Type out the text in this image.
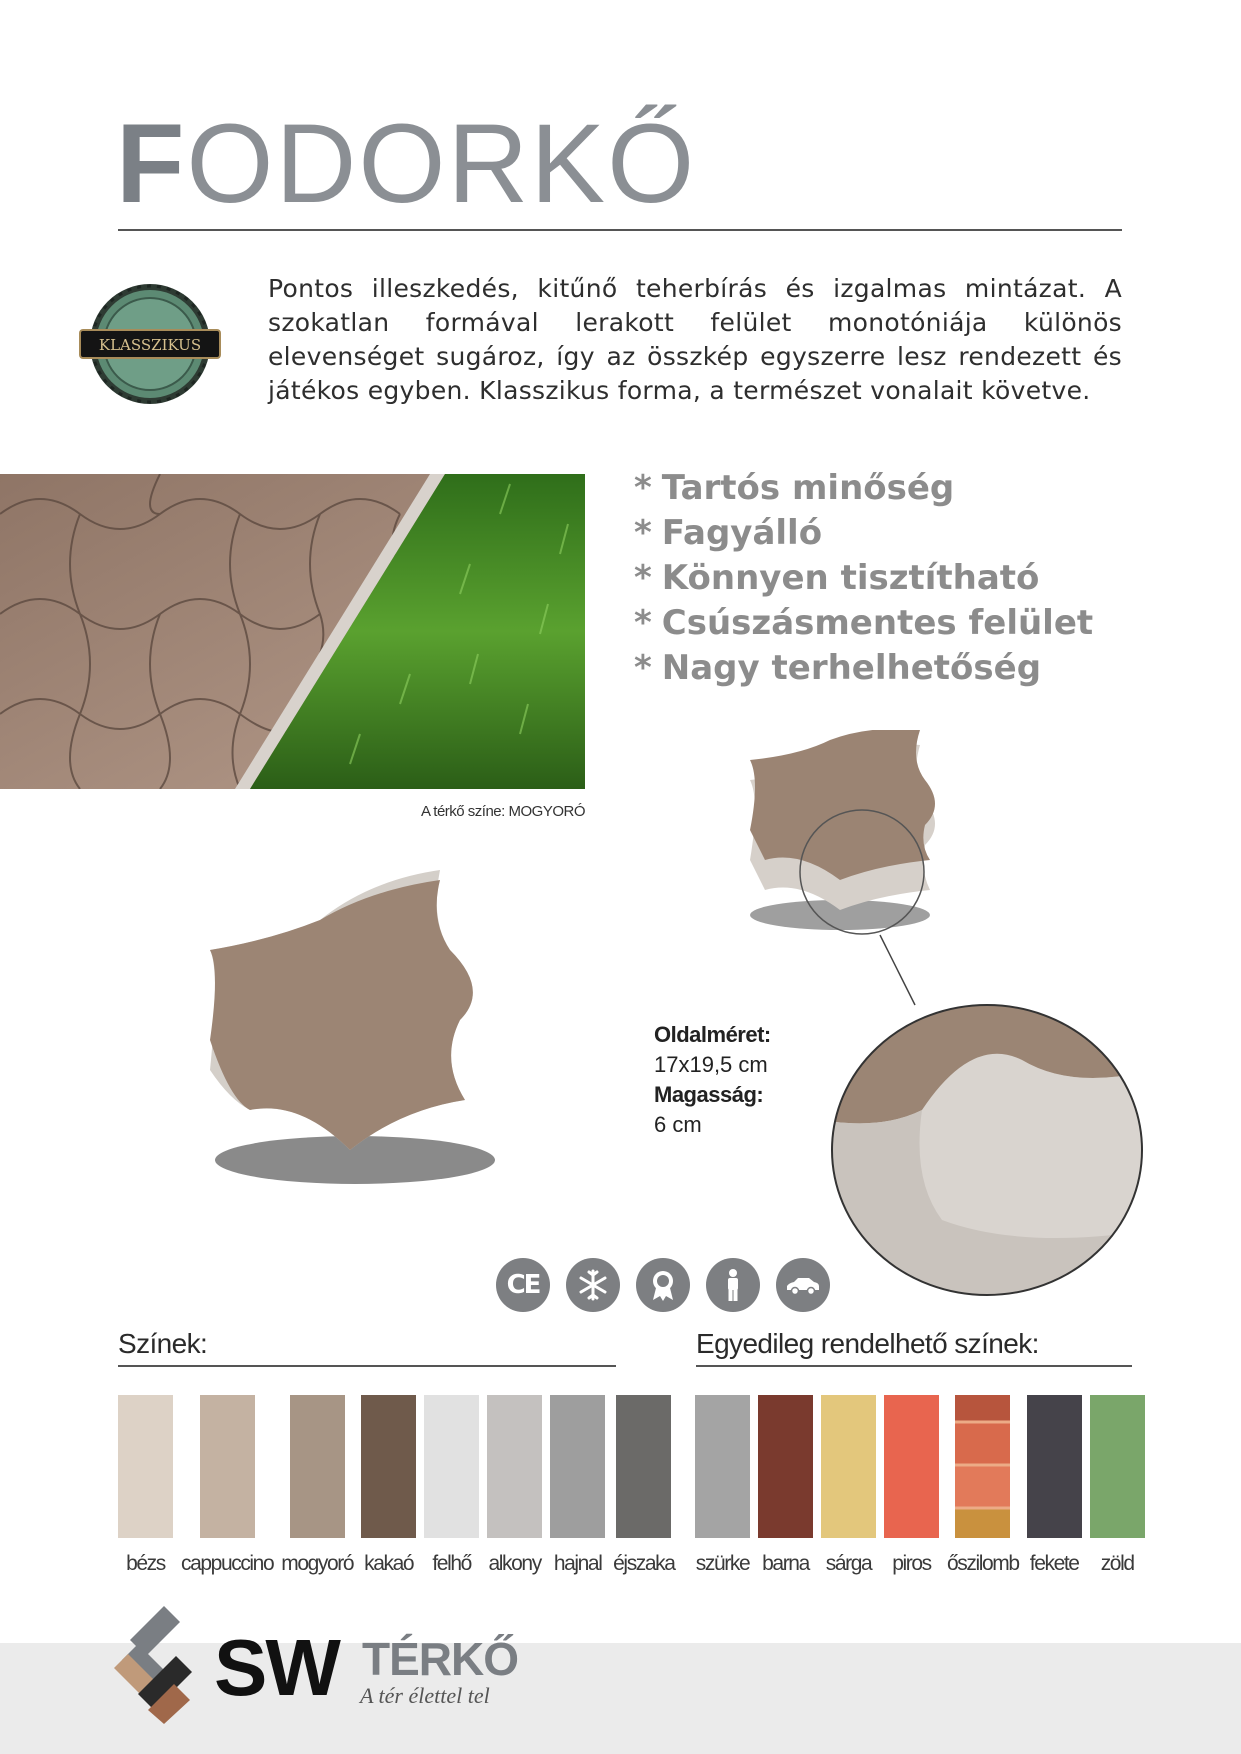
FODORKŐ
KLASSZIKUS

Pontos illeszkedés, kitűnő teherbírás és izgalmas mintázat. A szokatlan formával lerakott felület monotóniája különös elevenséget sugároz, így az összkép egyszerre lesz rendezett és játékos egyben. Klasszikus forma, a természet vonalait követve.

A térkő színe: MOGYORÓ
* Tartós minőség
* Fagyálló
* Könnyen tisztítható
* Csúszásmentes felület
* Nagy terhelhetőség
Oldalméret:
17x19,5 cm
Magasság:
6 cm
CE
Színek:
bézs cappuccino mogyoró kakaó felhő alkony hajnal éjszaka
Egyedileg rendelhető színek:
szürke barna sárga piros őszilomb fekete zöld
SW TÉRKŐ
A tér élettel tel
